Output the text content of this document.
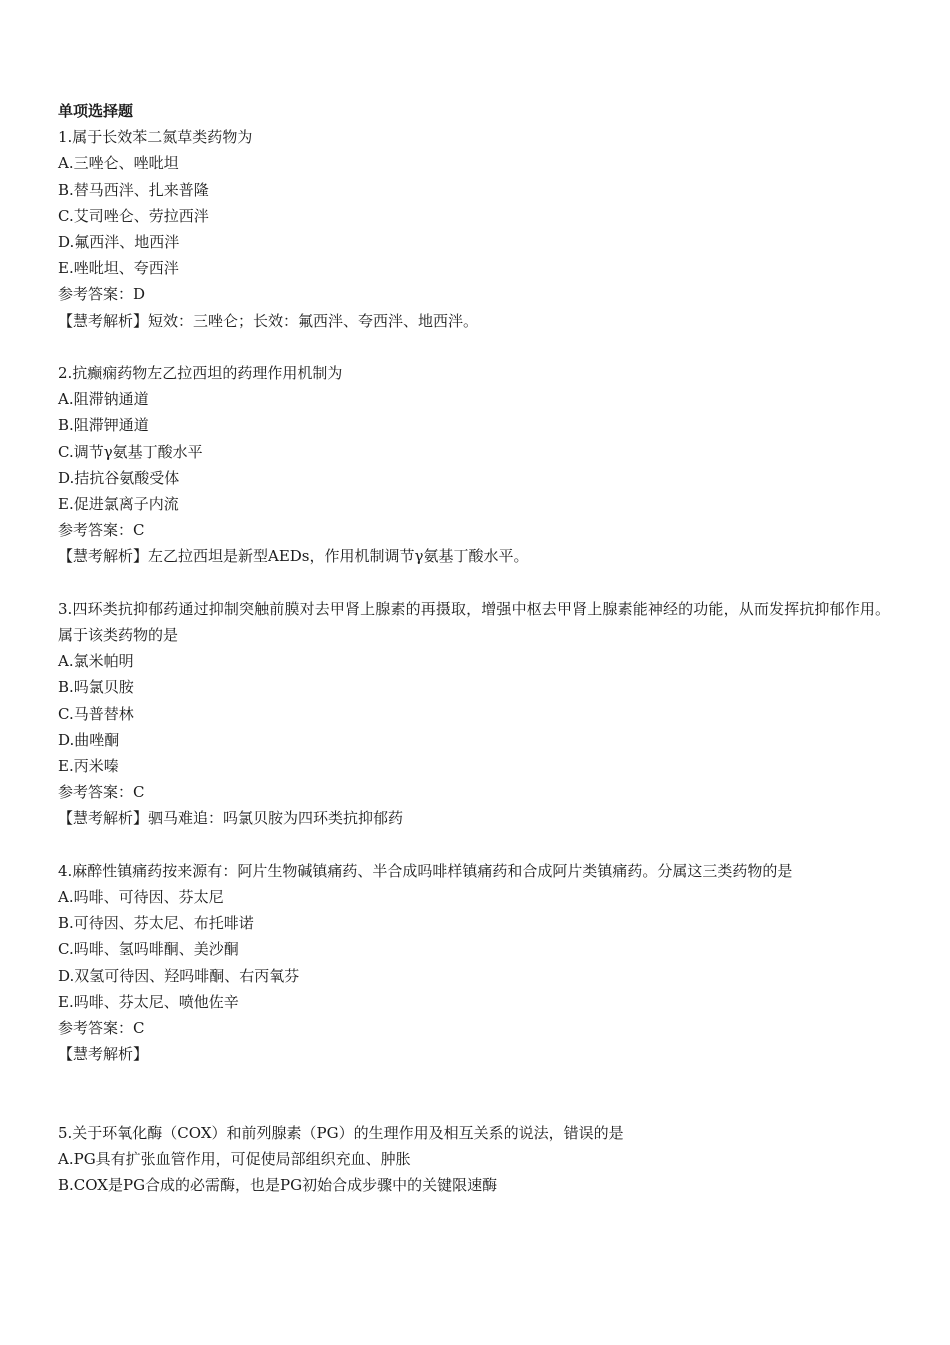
单项选择题
1.属于长效苯二氮草类药物为
A.三唑仑、唑吡坦
B.替马西泮、扎来普隆
C.艾司唑仑、劳拉西泮
D.氟西泮、地西泮
E.唑吡坦、夸西泮
参考答案：D
【慧考解析】短效：三唑仑；长效：氟西泮、夸西泮、地西泮。
2.抗癫痫药物左乙拉西坦的药理作用机制为
A.阻滞钠通道
B.阻滞钾通道
C.调节γ氨基丁酸水平
D.拮抗谷氨酸受体
E.促进氯离子内流
参考答案：C
【慧考解析】左乙拉西坦是新型AEDs，作用机制调节γ氨基丁酸水平。
3.四环类抗抑郁药通过抑制突触前膜对去甲肾上腺素的再摄取，增强中枢去甲肾上腺素能神经的功能，从而发挥抗抑郁作用。属于该类药物的是
A.氯米帕明
B.吗氯贝胺
C.马普替林
D.曲唑酮
E.丙米嗪
参考答案：C
【慧考解析】驷马难追：吗氯贝胺为四环类抗抑郁药
4.麻醉性镇痛药按来源有：阿片生物碱镇痛药、半合成吗啡样镇痛药和合成阿片类镇痛药。分属这三类药物的是
A.吗啡、可待因、芬太尼
B.可待因、芬太尼、布托啡诺
C.吗啡、氢吗啡酮、美沙酮
D.双氢可待因、羟吗啡酮、右丙氧芬
E.吗啡、芬太尼、喷他佐辛
参考答案：C
【慧考解析】
5.关于环氧化酶（COX）和前列腺素（PG）的生理作用及相互关系的说法，错误的是
A.PG具有扩张血管作用，可促使局部组织充血、肿胀
B.COX是PG合成的必需酶，也是PG初始合成步骤中的关键限速酶
